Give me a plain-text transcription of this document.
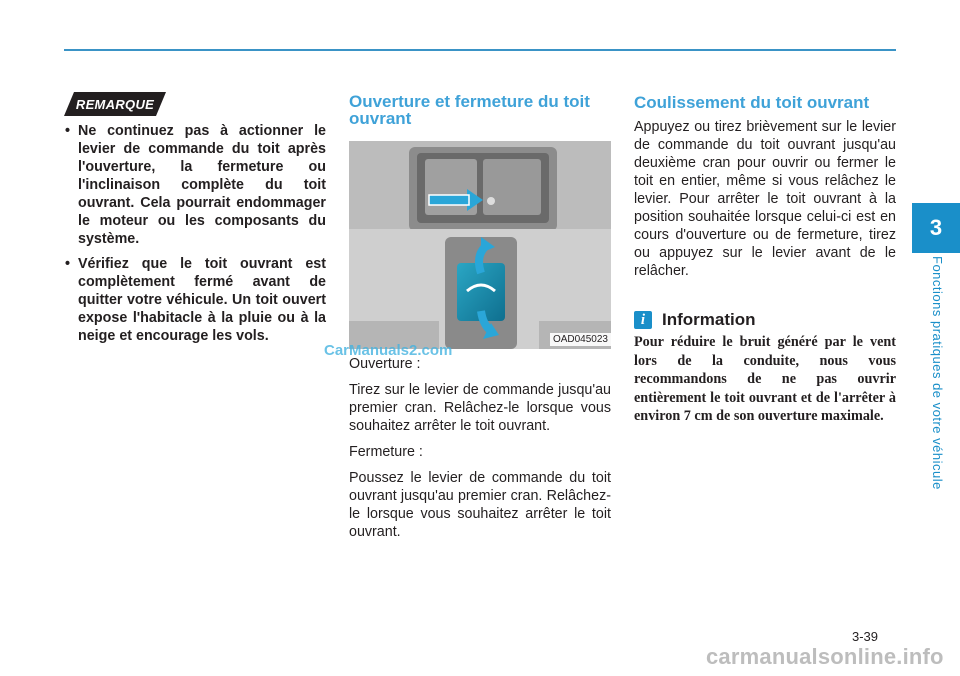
3
Fonctions pratiques de votre véhicule
REMARQUE
• Ne continuez pas à actionner le levier de commande du toit après l'ouverture, la fermeture ou l'inclinaison complète du toit ouvrant. Cela pourrait endommager le moteur ou les composants du système.
• Vérifiez que le toit ouvrant est complètement fermé avant de quitter votre véhicule. Un toit ouvert expose l'habitacle à la pluie ou à la neige et encourage les vols.
Ouverture et fermeture du toit ouvrant
OAD045023
CarManuals2.com

Ouverture :

Tirez sur le levier de commande jusqu'au premier cran. Relâchez-le lorsque vous souhaitez arrêter le toit ouvrant.

Fermeture :

Poussez le levier de commande du toit ouvrant jusqu'au premier cran. Relâchez-le lorsque vous souhaitez arrêter le toit ouvrant.

Coulissement du toit ouvrant

Appuyez ou tirez brièvement sur le levier de commande du toit ouvrant jusqu'au deuxième cran pour ouvrir ou fermer le toit en entier, même si vous relâchez le levier. Pour arrêter le toit ouvrant à la position souhaitée lorsque celui-ci est en cours d'ouverture ou de fermeture, tirez ou appuyez sur le levier avant de le relâcher.

i Information

Pour réduire le bruit généré par le vent lors de la conduite, nous vous recommandons de ne pas ouvrir entièrement le toit ouvrant et de l'arrêter à environ 7 cm de son ouverture maximale.

3-39
carmanualsonline.info
